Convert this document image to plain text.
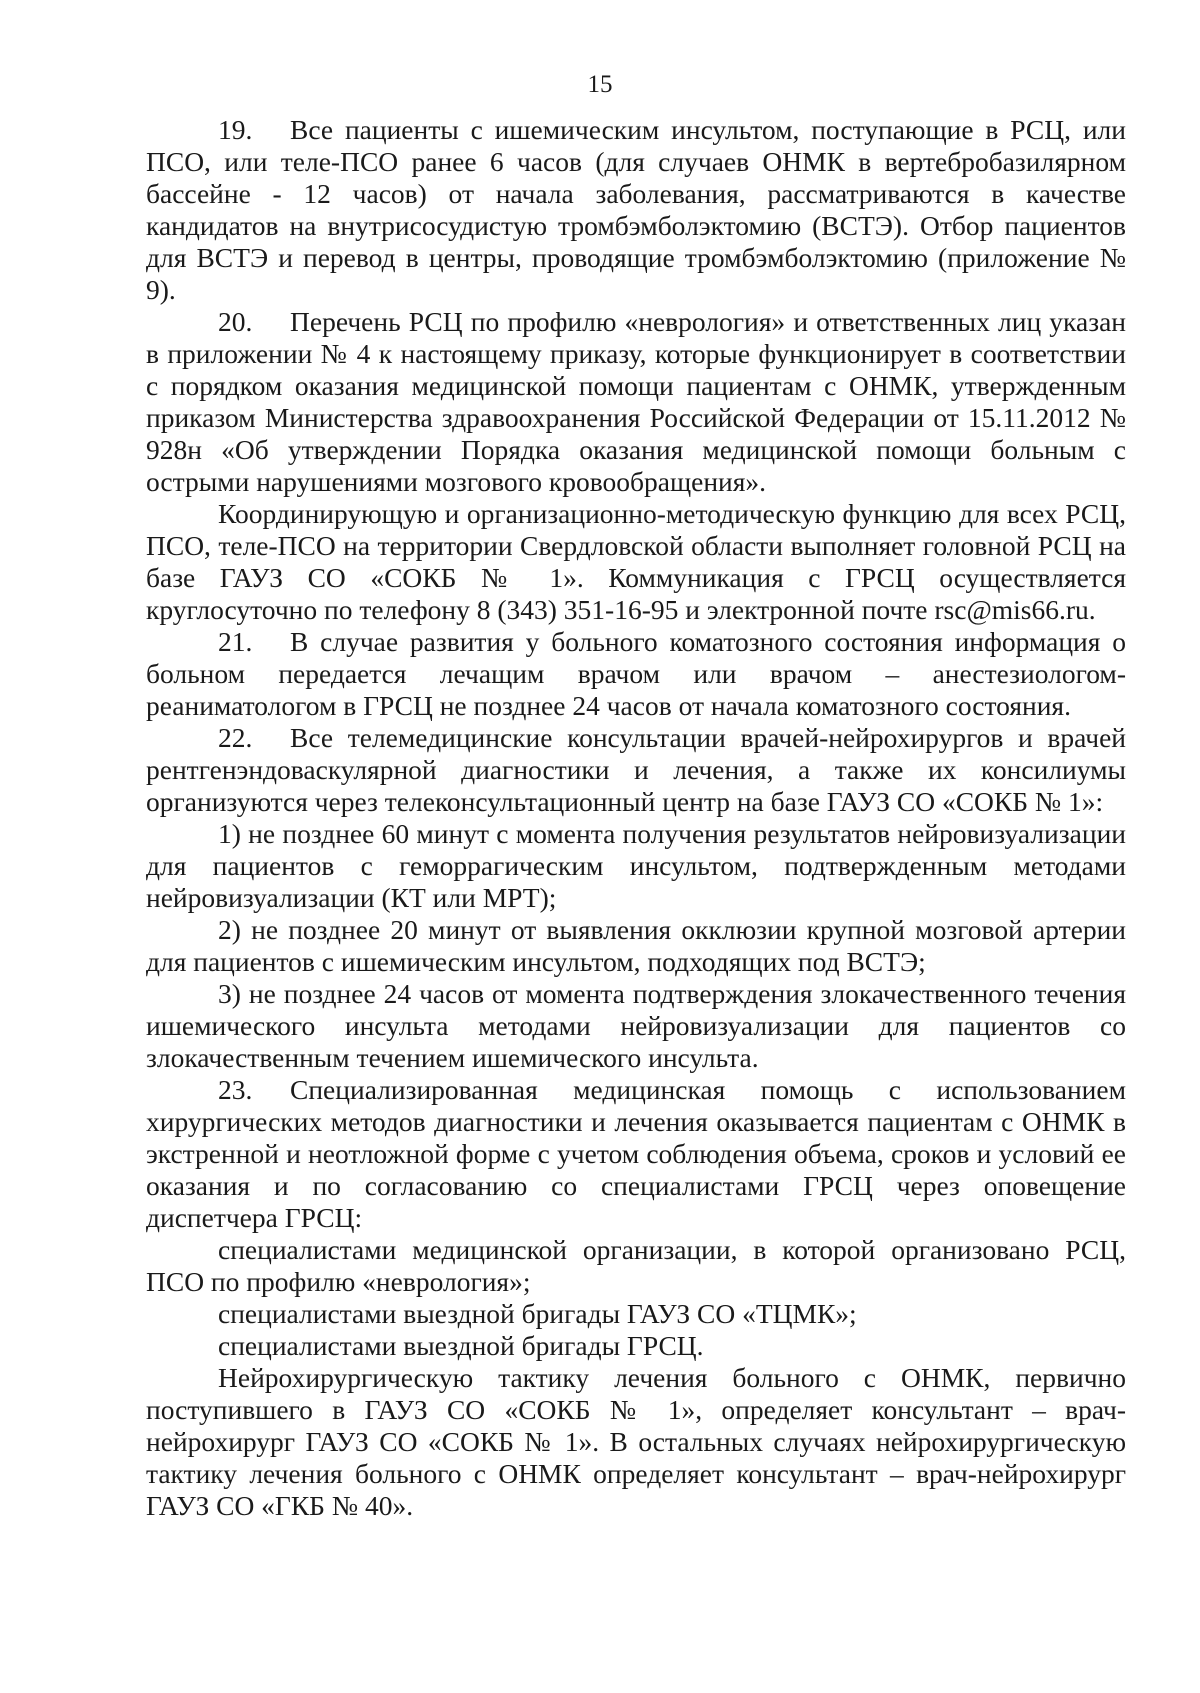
15

19. Все пациенты с ишемическим инсультом, поступающие в РСЦ, или ПСО, или теле-ПСО ранее 6 часов (для случаев ОНМК в вертебробазилярном бассейне - 12 часов) от начала заболевания, рассматриваются в качестве кандидатов на внутрисосудистую тромбэмболэктомию (ВСТЭ). Отбор пациентов для ВСТЭ и перевод в центры, проводящие тромбэмболэктомию (приложение № 9).

20. Перечень РСЦ по профилю «неврология» и ответственных лиц указан в приложении № 4 к настоящему приказу, которые функционирует в соответствии с порядком оказания медицинской помощи пациентам с ОНМК, утвержденным приказом Министерства здравоохранения Российской Федерации от 15.11.2012 № 928н «Об утверждении Порядка оказания медицинской помощи больным с острыми нарушениями мозгового кровообращения».

Координирующую и организационно-методическую функцию для всех РСЦ, ПСО, теле-ПСО на территории Свердловской области выполняет головной РСЦ на базе ГАУЗ СО «СОКБ № 1». Коммуникация с ГРСЦ осуществляется круглосуточно по телефону 8 (343) 351-16-95 и электронной почте rsc@mis66.ru.

21. В случае развития у больного коматозного состояния информация о больном передается лечащим врачом или врачом – анестезиологом-реаниматологом в ГРСЦ не позднее 24 часов от начала коматозного состояния.

22. Все телемедицинские консультации врачей-нейрохирургов и врачей рентгенэндоваскулярной диагностики и лечения, а также их консилиумы организуются через телеконсультационный центр на базе ГАУЗ СО «СОКБ № 1»:

1) не позднее 60 минут с момента получения результатов нейровизуализации для пациентов с геморрагическим инсультом, подтвержденным методами нейровизуализации (КТ или МРТ);

2) не позднее 20 минут от выявления окклюзии крупной мозговой артерии для пациентов с ишемическим инсультом, подходящих под ВСТЭ;

3) не позднее 24 часов от момента подтверждения злокачественного течения ишемического инсульта методами нейровизуализации для пациентов со злокачественным течением ишемического инсульта.

23. Специализированная медицинская помощь с использованием хирургических методов диагностики и лечения оказывается пациентам с ОНМК в экстренной и неотложной форме с учетом соблюдения объема, сроков и условий ее оказания и по согласованию со специалистами ГРСЦ через оповещение диспетчера ГРСЦ:

специалистами медицинской организации, в которой организовано РСЦ, ПСО по профилю «неврология»;

специалистами выездной бригады ГАУЗ СО «ТЦМК»;

специалистами выездной бригады ГРСЦ.

Нейрохирургическую тактику лечения больного с ОНМК, первично поступившего в ГАУЗ СО «СОКБ № 1», определяет консультант – врач-нейрохирург ГАУЗ СО «СОКБ № 1». В остальных случаях нейрохирургическую тактику лечения больного с ОНМК определяет консультант – врач-нейрохирург ГАУЗ СО «ГКБ № 40».
